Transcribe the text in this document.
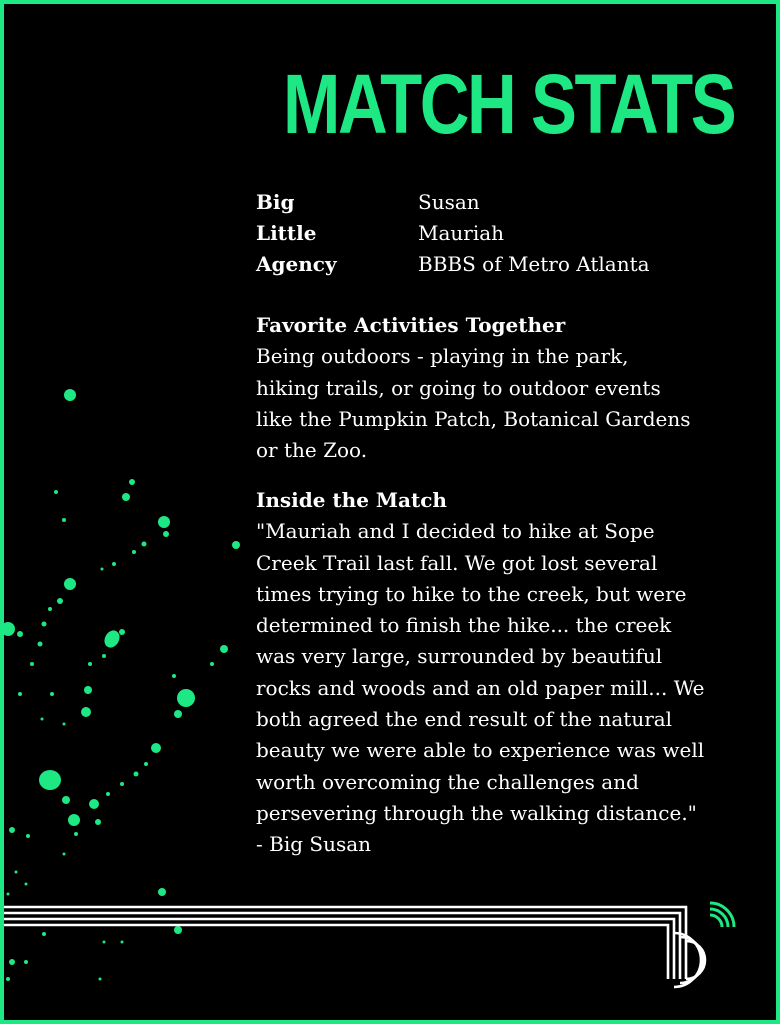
MATCH STATS
Big	Susan
Little	Mauriah
Agency	BBBS of Metro Atlanta
Favorite Activities Together

Being outdoors - playing in the park,
hiking trails, or going to outdoor events
like the Pumpkin Patch, Botanical Gardens
or the Zoo.

Inside the Match

"Mauriah and I decided to hike at Sope
Creek Trail last fall. We got lost several
times trying to hike to the creek, but were
determined to finish the hike... the creek
was very large, surrounded by beautiful
rocks and woods and an old paper mill... We
both agreed the end result of the natural
beauty we were able to experience was well
worth overcoming the challenges and
persevering through the walking distance."
- Big Susan
